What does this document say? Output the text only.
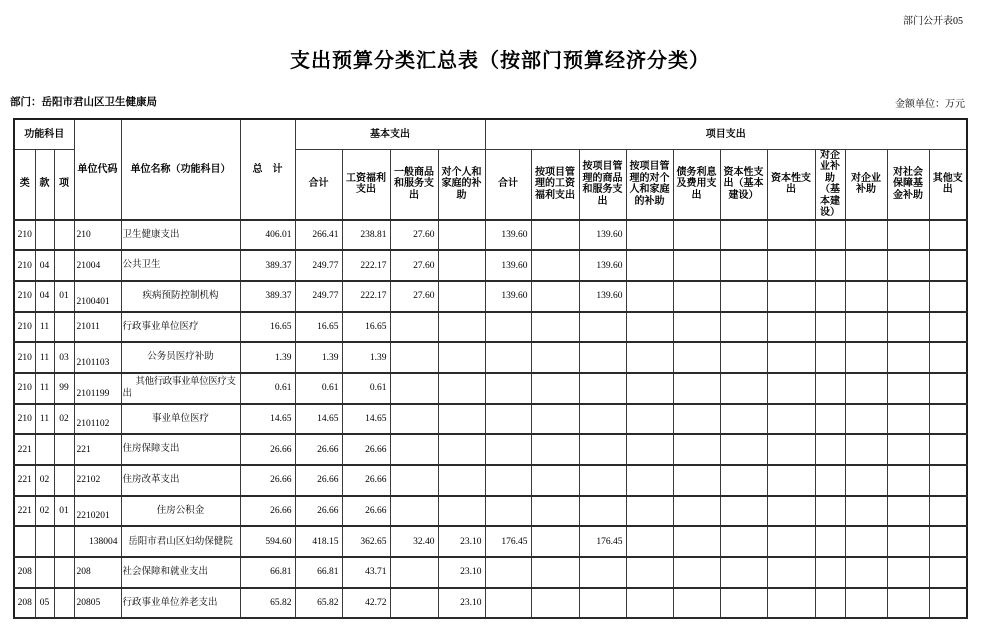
部门公开表05
支出预算分类汇总表（按部门预算经济分类）
部门：岳阳市君山区卫生健康局	金额单位：万元
功能科目			单位代码	单位名称（功能科目）	总　计	基本支出				项目支出										
类	款	项				合计	工资福利支出	一般商品和服务支出	对个人和家庭的补助	合计	按项目管理的工资福利支出	按项目管理的商品和服务支出	按项目管理的对个人和家庭的补助	债务利息及费用支出	资本性支出（基本建设）	资本性支出	对企业补助（基本建设）	对企业补助	对社会保障基金补助	其他支出
210			210	卫生健康支出	406.01	266.41	238.81	27.60		139.60		139.60								
210	04		21004	公共卫生	389.37	249.77	222.17	27.60		139.60		139.60								
210	04	01	2100401	疾病预防控制机构	389.37	249.77	222.17	27.60		139.60		139.60								
210	11		21011	行政事业单位医疗	16.65	16.65	16.65													
210	11	03	2101103	公务员医疗补助	1.39	1.39	1.39													
210	11	99	2101199	其他行政事业单位医疗支出	0.61	0.61	0.61													
210	11	02	2101102	事业单位医疗	14.65	14.65	14.65													
221			221	住房保障支出	26.66	26.66	26.66													
221	02		22102	住房改革支出	26.66	26.66	26.66													
221	02	01	2210201	住房公积金	26.66	26.66	26.66													
			138004	岳阳市君山区妇幼保健院	594.60	418.15	362.65	32.40	23.10	176.45		176.45								
208			208	社会保障和就业支出	66.81	66.81	43.71		23.10											
208	05		20805	行政事业单位养老支出	65.82	65.82	42.72		23.10											
